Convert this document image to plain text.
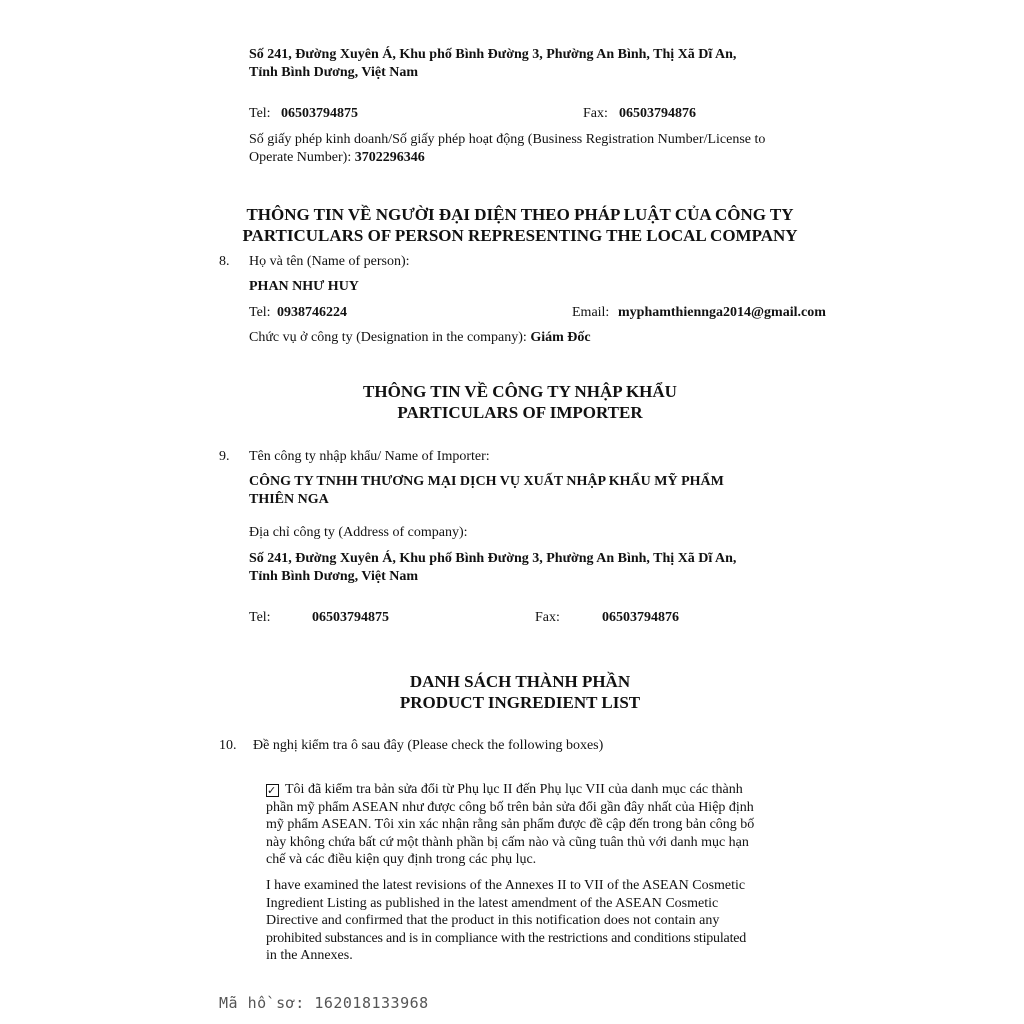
Số 241, Đường Xuyên Á, Khu phố Bình Đường 3, Phường An Bình, Thị Xã Dĩ An,
Tỉnh Bình Dương, Việt Nam
Tel: 06503794875	Fax: 06503794876
Số giấy phép kinh doanh/Số giấy phép hoạt động (Business Registration Number/License to
Operate Number): 3702296346
THÔNG TIN VỀ NGƯỜI ĐẠI DIỆN THEO PHÁP LUẬT CỦA CÔNG TY
PARTICULARS OF PERSON REPRESENTING THE LOCAL COMPANY
8. Họ và tên (Name of person):
PHAN NHƯ HUY
Tel: 0938746224	Email: myphamthiennga2014@gmail.com
Chức vụ ở công ty (Designation in the company): Giám Đốc
THÔNG TIN VỀ CÔNG TY NHẬP KHẨU
PARTICULARS OF IMPORTER
9. Tên công ty nhập khẩu/ Name of Importer:
CÔNG TY TNHH THƯƠNG MẠI DỊCH VỤ XUẤT NHẬP KHẨU MỸ PHẨM
THIÊN NGA
Địa chỉ công ty (Address of company):
Số 241, Đường Xuyên Á, Khu phố Bình Đường 3, Phường An Bình, Thị Xã Dĩ An,
Tỉnh Bình Dương, Việt Nam
Tel:	06503794875	Fax:	06503794876
DANH SÁCH THÀNH PHẦN
PRODUCT INGREDIENT LIST
10. Đề nghị kiểm tra ô sau đây (Please check the following boxes)
✓ Tôi đã kiểm tra bản sửa đổi từ Phụ lục II đến Phụ lục VII của danh mục các thành
phần mỹ phẩm ASEAN như được công bố trên bản sửa đổi gần đây nhất của Hiệp định
mỹ phẩm ASEAN. Tôi xin xác nhận rằng sản phẩm được đề cập đến trong bản công bố
này không chứa bất cứ một thành phần bị cấm nào và cũng tuân thủ với danh mục hạn
chế và các điều kiện quy định trong các phụ lục.
I have examined the latest revisions of the Annexes II to VII of the ASEAN Cosmetic
Ingredient Listing as published in the latest amendment of the ASEAN Cosmetic
Directive and confirmed that the product in this notification does not contain any
prohibited substances and is in compliance with the restrictions and conditions stipulated
in the Annexes.
Mã hồ sơ: 162018133968
